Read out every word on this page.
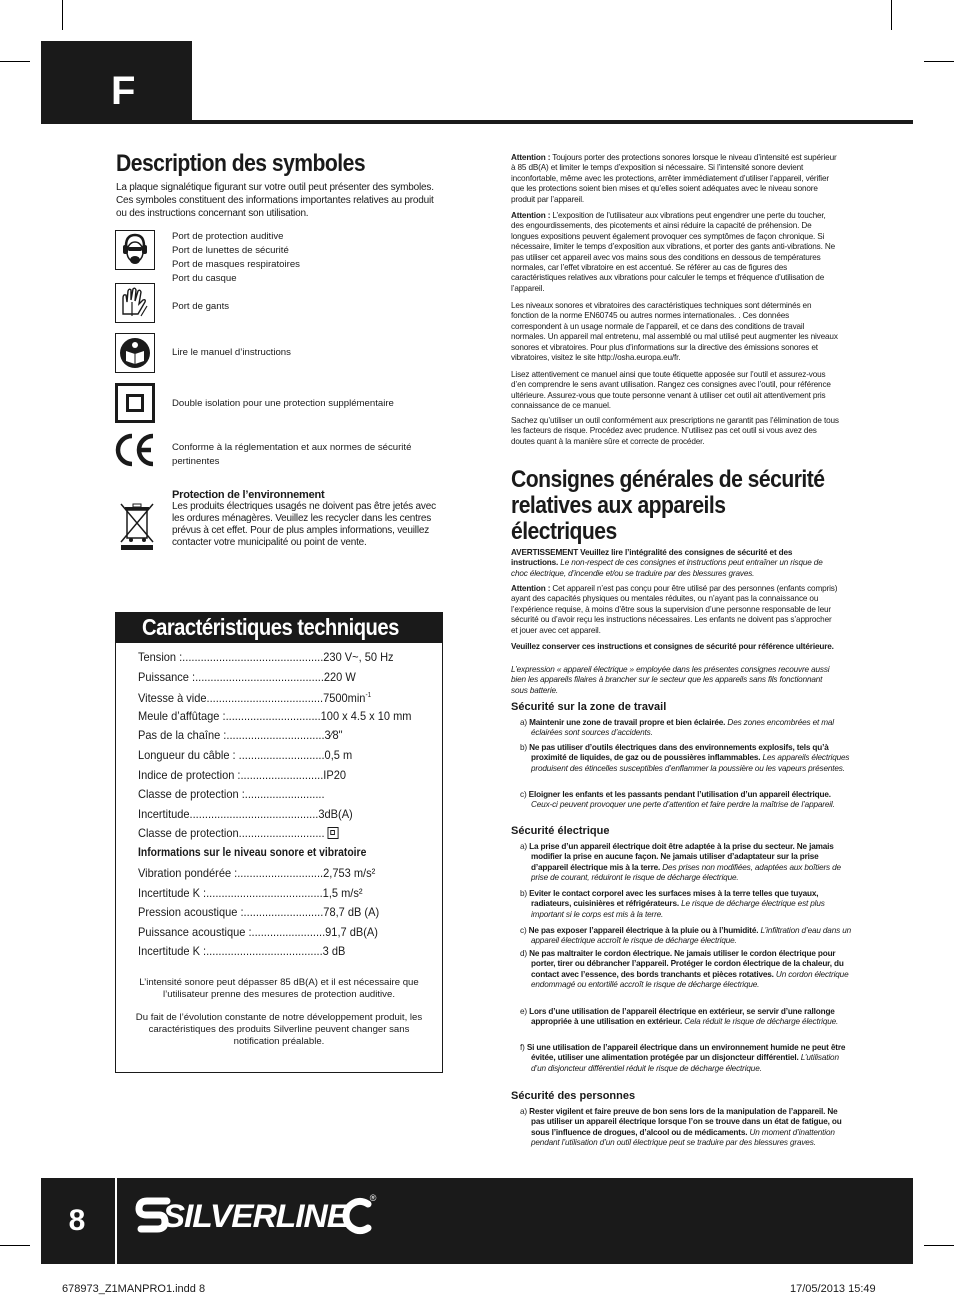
F
Description des symboles
La plaque signalétique figurant sur votre outil peut présenter des symboles. Ces symboles constituent des informations importantes relatives au produit ou des instructions concernant son utilisation.
Port de protection auditive
Port de lunettes de sécurité
Port de masques respiratoires
Port du casque
Port de gants
Lire le manuel d’instructions
Double isolation pour une protection supplémentaire
Conforme à la réglementation et aux normes de sécurité pertinentes
Protection de l’environnement
Les produits électriques usagés ne doivent pas être jetés avec les ordures ménagères. Veuillez les recycler dans les centres prévus à cet effet. Pour de plus amples informations, veuillez contacter votre municipalité ou point de vente.
Caractéristiques techniques
Tension :..............................................230 V~, 50 Hz
Puissance :..........................................220 W
Vitesse à $vide......................................7500\min^{-1}$
Meule d’affûtage :...............................100 x 4.5 x 10 mm
Pas de la chaîne :................................3⁄8"
Longueur du câble : ............................0,5 m
Indice de protection :...........................IP20
Classe de protection :..........................
Incertitude..........................................3dB(A)
Classe de protection............................
Informations sur le niveau sonore et vibratoire
Vibration pondérée :............................2,753 m/s²
Incertitude K :......................................1,5 m/s²
Pression acoustique :..........................78,7 dB (A)
Puissance acoustique :........................91,7 dB(A)
Incertitude K :......................................3 dB
L’intensité sonore peut dépasser 85 dB(A) et il est nécessaire que l’utilisateur prenne des mesures de protection auditive.
Du fait de l’évolution constante de notre développement produit, les caractéristiques des produits Silverline peuvent changer sans notification préalable.
Attention : Toujours porter des protections sonores lorsque le niveau d’intensité est supérieur à 85 dB(A) et limiter le temps d’exposition si nécessaire. Si l’intensité sonore devient inconfortable, même avec les protections, arrêter immédiatement d’utiliser l’appareil, vérifier que les protections soient bien mises et qu’elles soient adéquates avec le niveau sonore produit par l’appareil.
Attention : L’exposition de l’utilisateur aux vibrations peut engendrer une perte du toucher, des engourdissements, des picotements et ainsi réduire la capacité de préhension. De longues expositions peuvent également provoquer ces symptômes de façon chronique. Si nécessaire, limiter le temps d’exposition aux vibrations, et porter des gants anti-vibrations. Ne pas utiliser cet appareil avec vos mains sous des conditions en dessous de températures normales, car l’effet vibratoire en est accentué. Se référer au cas de figures des caractéristiques relatives aux vibrations pour calculer le temps et fréquence d’utilisation de l’appareil.
Les niveaux sonores et vibratoires des caractéristiques techniques sont déterminés en fonction de la norme EN60745 ou autres normes internationales. . Ces données correspondent à un usage normale de l’appareil, et ce dans des conditions de travail normales. Un appareil mal entretenu, mal assemblé ou mal utilisé peut augmenter les niveaux sonores et vibratoires. Pour plus d’informations sur la directive des émissions sonores et vibratoires, visitez le site http://osha.europa.eu/fr.
Lisez attentivement ce manuel ainsi que toute étiquette apposée sur l’outil et assurez-vous d’en comprendre le sens avant utilisation. Rangez ces consignes avec l’outil, pour référence ultérieure. Assurez-vous que toute personne venant à utiliser cet outil ait attentivement pris connaissance de ce manuel.
Sachez qu’utiliser un outil conformément aux prescriptions ne garantit pas l’élimination de tous les facteurs de risque. Procédez avec prudence. N’utilisez pas cet outil si vous avez des doutes quant à la manière sûre et correcte de procéder.
Consignes générales de sécurité relatives aux appareils électriques
AVERTISSEMENT Veuillez lire l’intégralité des consignes de sécurité et des instructions. Le non-respect de ces consignes et instructions peut entraîner un risque de choc électrique, d’incendie et/ou se traduire par des blessures graves.
Attention : Cet appareil n’est pas conçu pour être utilisé par des personnes (enfants compris) ayant des capacités physiques ou mentales réduites, ou n’ayant pas la connaissance ou l’expérience requise, à moins d’être sous la supervision d’une personne responsable de leur sécurité ou d’avoir reçu les instructions nécessaires. Les enfants ne doivent pas s’approcher et jouer avec cet appareil.
Veuillez conserver ces instructions et consignes de sécurité pour référence ultérieure.
L’expression « appareil électrique » employée dans les présentes consignes recouvre aussi bien les appareils filaires à brancher sur le secteur que les appareils sans fils fonctionnant sous batterie.
Sécurité sur la zone de travail
a) Maintenir une zone de travail propre et bien éclairée. Des zones encombrées et mal éclairées sont sources d’accidents.
b) Ne pas utiliser d’outils électriques dans des environnements explosifs, tels qu’à proximité de liquides, de gaz ou de poussières inflammables. Les appareils électriques produisent des étincelles susceptibles d’enflammer la poussière ou les vapeurs présentes.
c) Eloigner les enfants et les passants pendant l’utilisation d’un appareil électrique. Ceux-ci peuvent provoquer une perte d’attention et faire perdre la maîtrise de l’appareil.
Sécurité électrique
a) La prise d’un appareil électrique doit être adaptée à la prise du secteur. Ne jamais modifier la prise en aucune façon. Ne jamais utiliser d’adaptateur sur la prise d’appareil électrique mis à la terre. Des prises non modifiées, adaptées aux boîtiers de prise de courant, réduiront le risque de décharge électrique.
b) Eviter le contact corporel avec les surfaces mises à la terre telles que tuyaux, radiateurs, cuisinières et réfrigérateurs. Le risque de décharge électrique est plus important si le corps est mis à la terre.
c) Ne pas exposer l’appareil électrique à la pluie ou à l’humidité. L’infiltration d’eau dans un appareil électrique accroît le risque de décharge électrique.
d) Ne pas maltraiter le cordon électrique. Ne jamais utiliser le cordon électrique pour porter, tirer ou débrancher l’appareil. Protéger le cordon électrique de la chaleur, du contact avec l’essence, des bords tranchants et pièces rotatives. Un cordon électrique endommagé ou entortillé accroît le risque de décharge électrique.
e) Lors d’une utilisation de l’appareil électrique en extérieur, se servir d’une rallonge appropriée à une utilisation en extérieur. Cela réduit le risque de décharge électrique.
f) Si une utilisation de l’appareil électrique dans un environnement humide ne peut être évitée, utiliser une alimentation protégée par un disjoncteur différentiel. L’utilisation d’un disjoncteur différentiel réduit le risque de décharge électrique.
Sécurité des personnes
a) Rester vigilent et faire preuve de bon sens lors de la manipulation de l’appareil. Ne pas utiliser un appareil électrique lorsque l’on se trouve dans un état de fatigue, ou sous l’influence de drogues, d’alcool ou de médicaments. Un moment d’inattention pendant l’utilisation d’un outil électrique peut se traduire par des blessures graves.
8	SILVERLINE ®
678973_Z1MANPRO1.indd 8	17/05/2013 15:49
